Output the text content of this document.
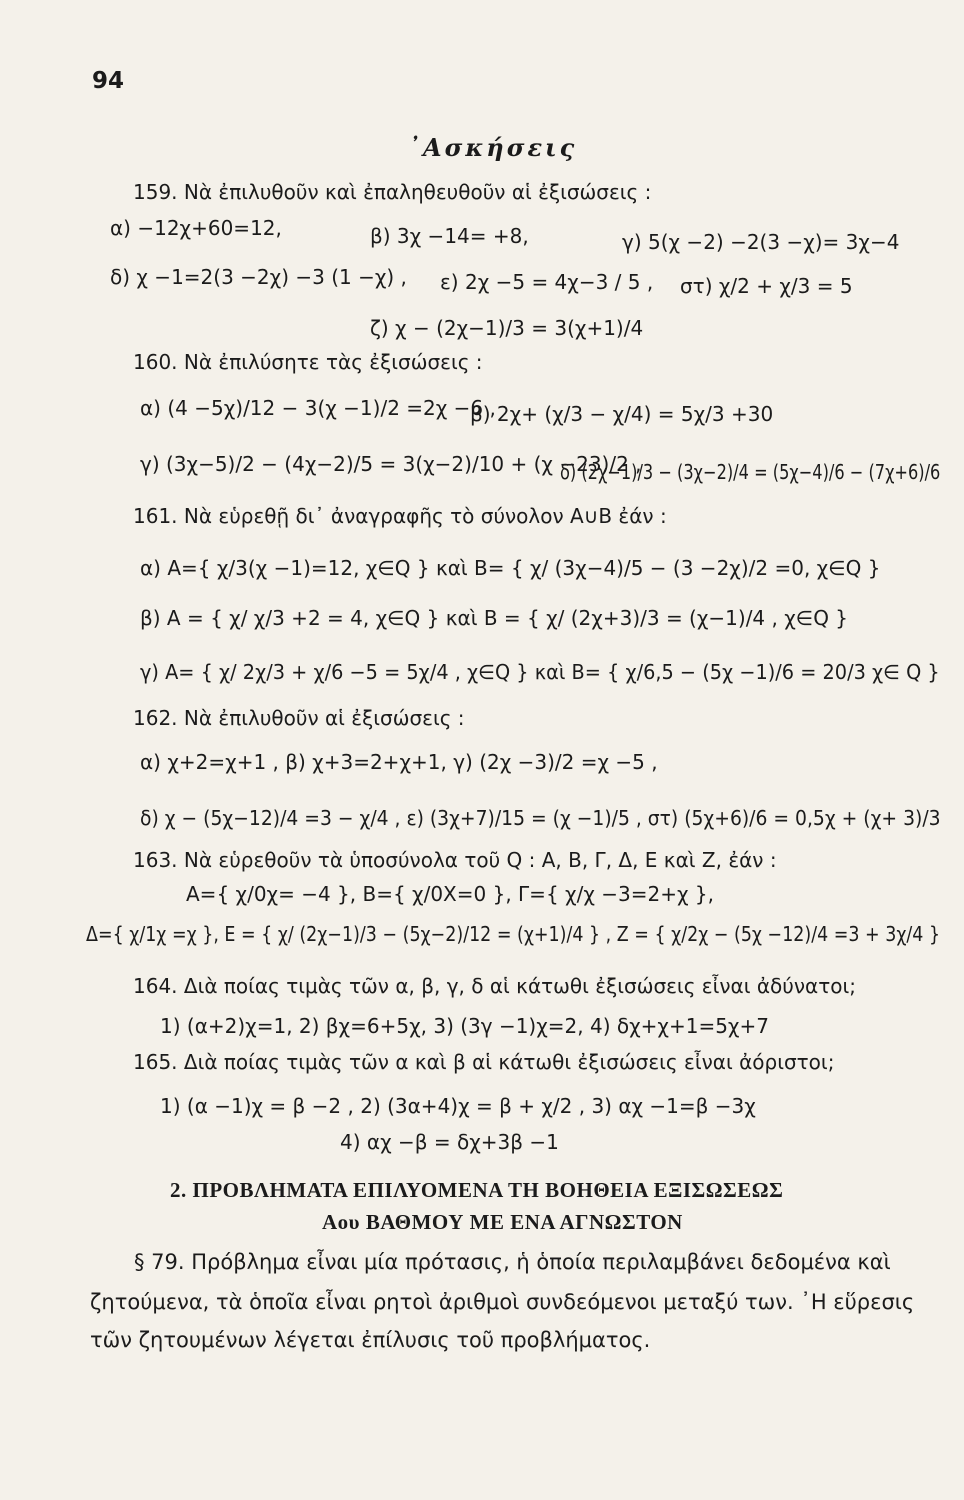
94
᾿Ασκήσεις
159. Νὰ ἐπιλυθοῦν καὶ ἐπαληθευθοῦν αἱ ἐξισώσεις :
α) −12χ+60=12,	β) 3χ −14= +8,	γ) 5(χ −2) −2(3 −χ)= 3χ−4
δ) χ −1=2(3 −2χ) −3 (1 −χ) , ε) 2χ −5 = 4χ−3 / 5 , στ) χ/2 + χ/3 = 5
ζ) χ − (2χ−1)/3 = 3(χ+1)/4
160. Νὰ ἐπιλύσητε τὰς ἐξισώσεις :
α) (4 −5χ)/12 − 3(χ −1)/2 =2χ −6 ,
β) 2χ+ (χ/3 − χ/4) = 5χ/3 +30
γ) (3χ−5)/2 − (4χ−2)/5 = 3(χ−2)/10 + (χ −23)/2 ,
δ) (2χ−1)/3 − (3χ−2)/4 = (5χ−4)/6 − (7χ+6)/6
161. Νὰ εὑρεθῇ δι᾿ ἀναγραφῆς τὸ σύνολον A∪B ἐάν :
α) A={ χ/3(χ −1)=12, χ∈Q } καὶ B= { χ/ (3χ−4)/5 − (3 −2χ)/2 =0, χ∈Q }
β) A = { χ/ χ/3 +2 = 4, χ∈Q } καὶ B = { χ/ (2χ+3)/3 = (χ−1)/4 , χ∈Q }
γ) A= { χ/ 2χ/3 + χ/6 −5 = 5χ/4 , χ∈Q } καὶ B= { χ/6,5 − (5χ −1)/6 = 20/3 χ∈ Q }
162. Νὰ ἐπιλυθοῦν αἱ ἐξισώσεις :
α) χ+2=χ+1 , β) χ+3=2+χ+1, γ) (2χ −3)/2 =χ −5 ,
δ) χ − (5χ−12)/4 =3 − χ/4 , ε) (3χ+7)/15 = (χ −1)/5 , στ) (5χ+6)/6 = 0,5χ + (χ+ 3)/3
163. Νὰ εὑρεθοῦν τὰ ὑποσύνολα τοῦ Q : A, B, Γ, Δ, E καὶ Z, ἐάν :
A={ χ/0χ= −4 }, B={ χ/0X=0 }, Γ={ χ/χ −3=2+χ },
Δ={ χ/1χ =χ }, E = { χ/ (2χ−1)/3 − (5χ−2)/12 = (χ+1)/4 } , Z = { χ/2χ − (5χ −12)/4 =3 + 3χ/4 }
164. Διὰ ποίας τιμὰς τῶν α, β, γ, δ αἱ κάτωθι ἐξισώσεις εἶναι ἀδύνατοι;
1) (α+2)χ=1, 2) βχ=6+5χ, 3) (3γ −1)χ=2, 4) δχ+χ+1=5χ+7
165. Διὰ ποίας τιμὰς τῶν α καὶ β αἱ κάτωθι ἐξισώσεις εἶναι ἀόριστοι;
1) (α −1)χ = β −2 , 2) (3α+4)χ = β + χ/2 , 3) αχ −1=β −3χ
4) αχ −β = δχ+3β −1
2. ΠΡΟΒΛΗΜΑΤΑ ΕΠΙΛΥΟΜΕΝΑ ΤΗ ΒΟΗΘΕΙΑ ΕΞΙΣΩΣΕΩΣ
Αου ΒΑΘΜΟΥ ΜΕ ΕΝΑ ΑΓΝΩΣΤΟΝ
§ 79. Πρόβλημα εἶναι μία πρότασις, ἡ ὁποία περιλαμβάνει δεδομένα καὶ
ζητούμενα, τὰ ὁποῖα εἶναι ρητοὶ ἀριθμοὶ συνδεόμενοι μεταξύ των. ᾿Η εὕρεσις
τῶν ζητουμένων λέγεται ἐπίλυσις τοῦ προβλήματος.
